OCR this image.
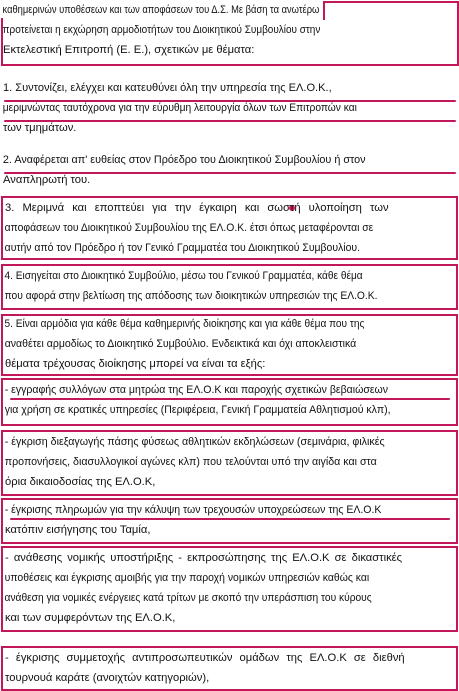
καθημερινών υποθέσεων και των αποφάσεων του Δ.Σ. Με βάση τα ανωτέρω
προτείνεται η εκχώρηση αρμοδιοτήτων του Διοικητικού Συμβουλίου στην
Εκτελεστική Επιτροπή (Ε. Ε.), σχετικών με θέματα:
1. Συντονίζει, ελέγχει και κατευθύνει όλη την υπηρεσία της ΕΛ.Ο.Κ.,
μεριμνώντας ταυτόχρονα για την εύρυθμη λειτουργία όλων των Επιτροπών και
των τμημάτων.
2. Αναφέρεται απ' ευθείας στον Πρόεδρο του Διοικητικού Συμβουλίου ή στον
Αναπληρωτή του.
3. Μεριμνά και εποπτεύει για την έγκαιρη και σωστή υλοποίηση των
αποφάσεων του Διοικητικού Συμβουλίου της ΕΛ.Ο.Κ. έτσι όπως μεταφέρονται σε
αυτήν από τον Πρόεδρο ή τον Γενικό Γραμματέα του Διοικητικού Συμβουλίου.
4. Εισηγείται στο Διοικητικό Συμβούλιο, μέσω του Γενικού Γραμματέα, κάθε θέμα
που αφορά στην βελτίωση της απόδοσης των διοικητικών υπηρεσιών της ΕΛ.Ο.Κ.
5. Είναι αρμόδια για κάθε θέμα καθημερινής διοίκησης και για κάθε θέμα που της
αναθέτει αρμοδίως το Διοικητικό Συμβούλιο. Ενδεικτικά και όχι αποκλειστικά
θέματα τρέχουσας διοίκησης μπορεί να είναι τα εξής:
- εγγραφής συλλόγων στα μητρώα της ΕΛ.Ο.Κ και παροχής σχετικών βεβαιώσεων
για χρήση σε κρατικές υπηρεσίες (Περιφέρεια, Γενική Γραμματεία Αθλητισμού κλπ),
- έγκριση διεξαγωγής πάσης φύσεως αθλητικών εκδηλώσεων (σεμινάρια, φιλικές
προπονήσεις, διασυλλογικοί αγώνες κλπ) που τελούνται υπό την αιγίδα και στα
όρια δικαιοδοσίας της ΕΛ.Ο.Κ,
- έγκρισης πληρωμών για την κάλυψη των τρεχουσών υποχρεώσεων της ΕΛ.Ο.Κ
κατόπιν εισήγησης του Ταμία,
- ανάθεσης νομικής υποστήριξης - εκπροσώπησης της ΕΛ.Ο.Κ σε δικαστικές
υποθέσεις και έγκρισης αμοιβής για την παροχή νομικών υπηρεσιών καθώς και
ανάθεση για νομικές ενέργειες κατά τρίτων με σκοπό την υπεράσπιση του κύρους
και των συμφερόντων της ΕΛ.Ο.Κ,
- έγκρισης συμμετοχής αντιπροσωπευτικών ομάδων της ΕΛ.Ο.Κ σε διεθνή
τουρνουά καράτε (ανοιχτών κατηγοριών),
